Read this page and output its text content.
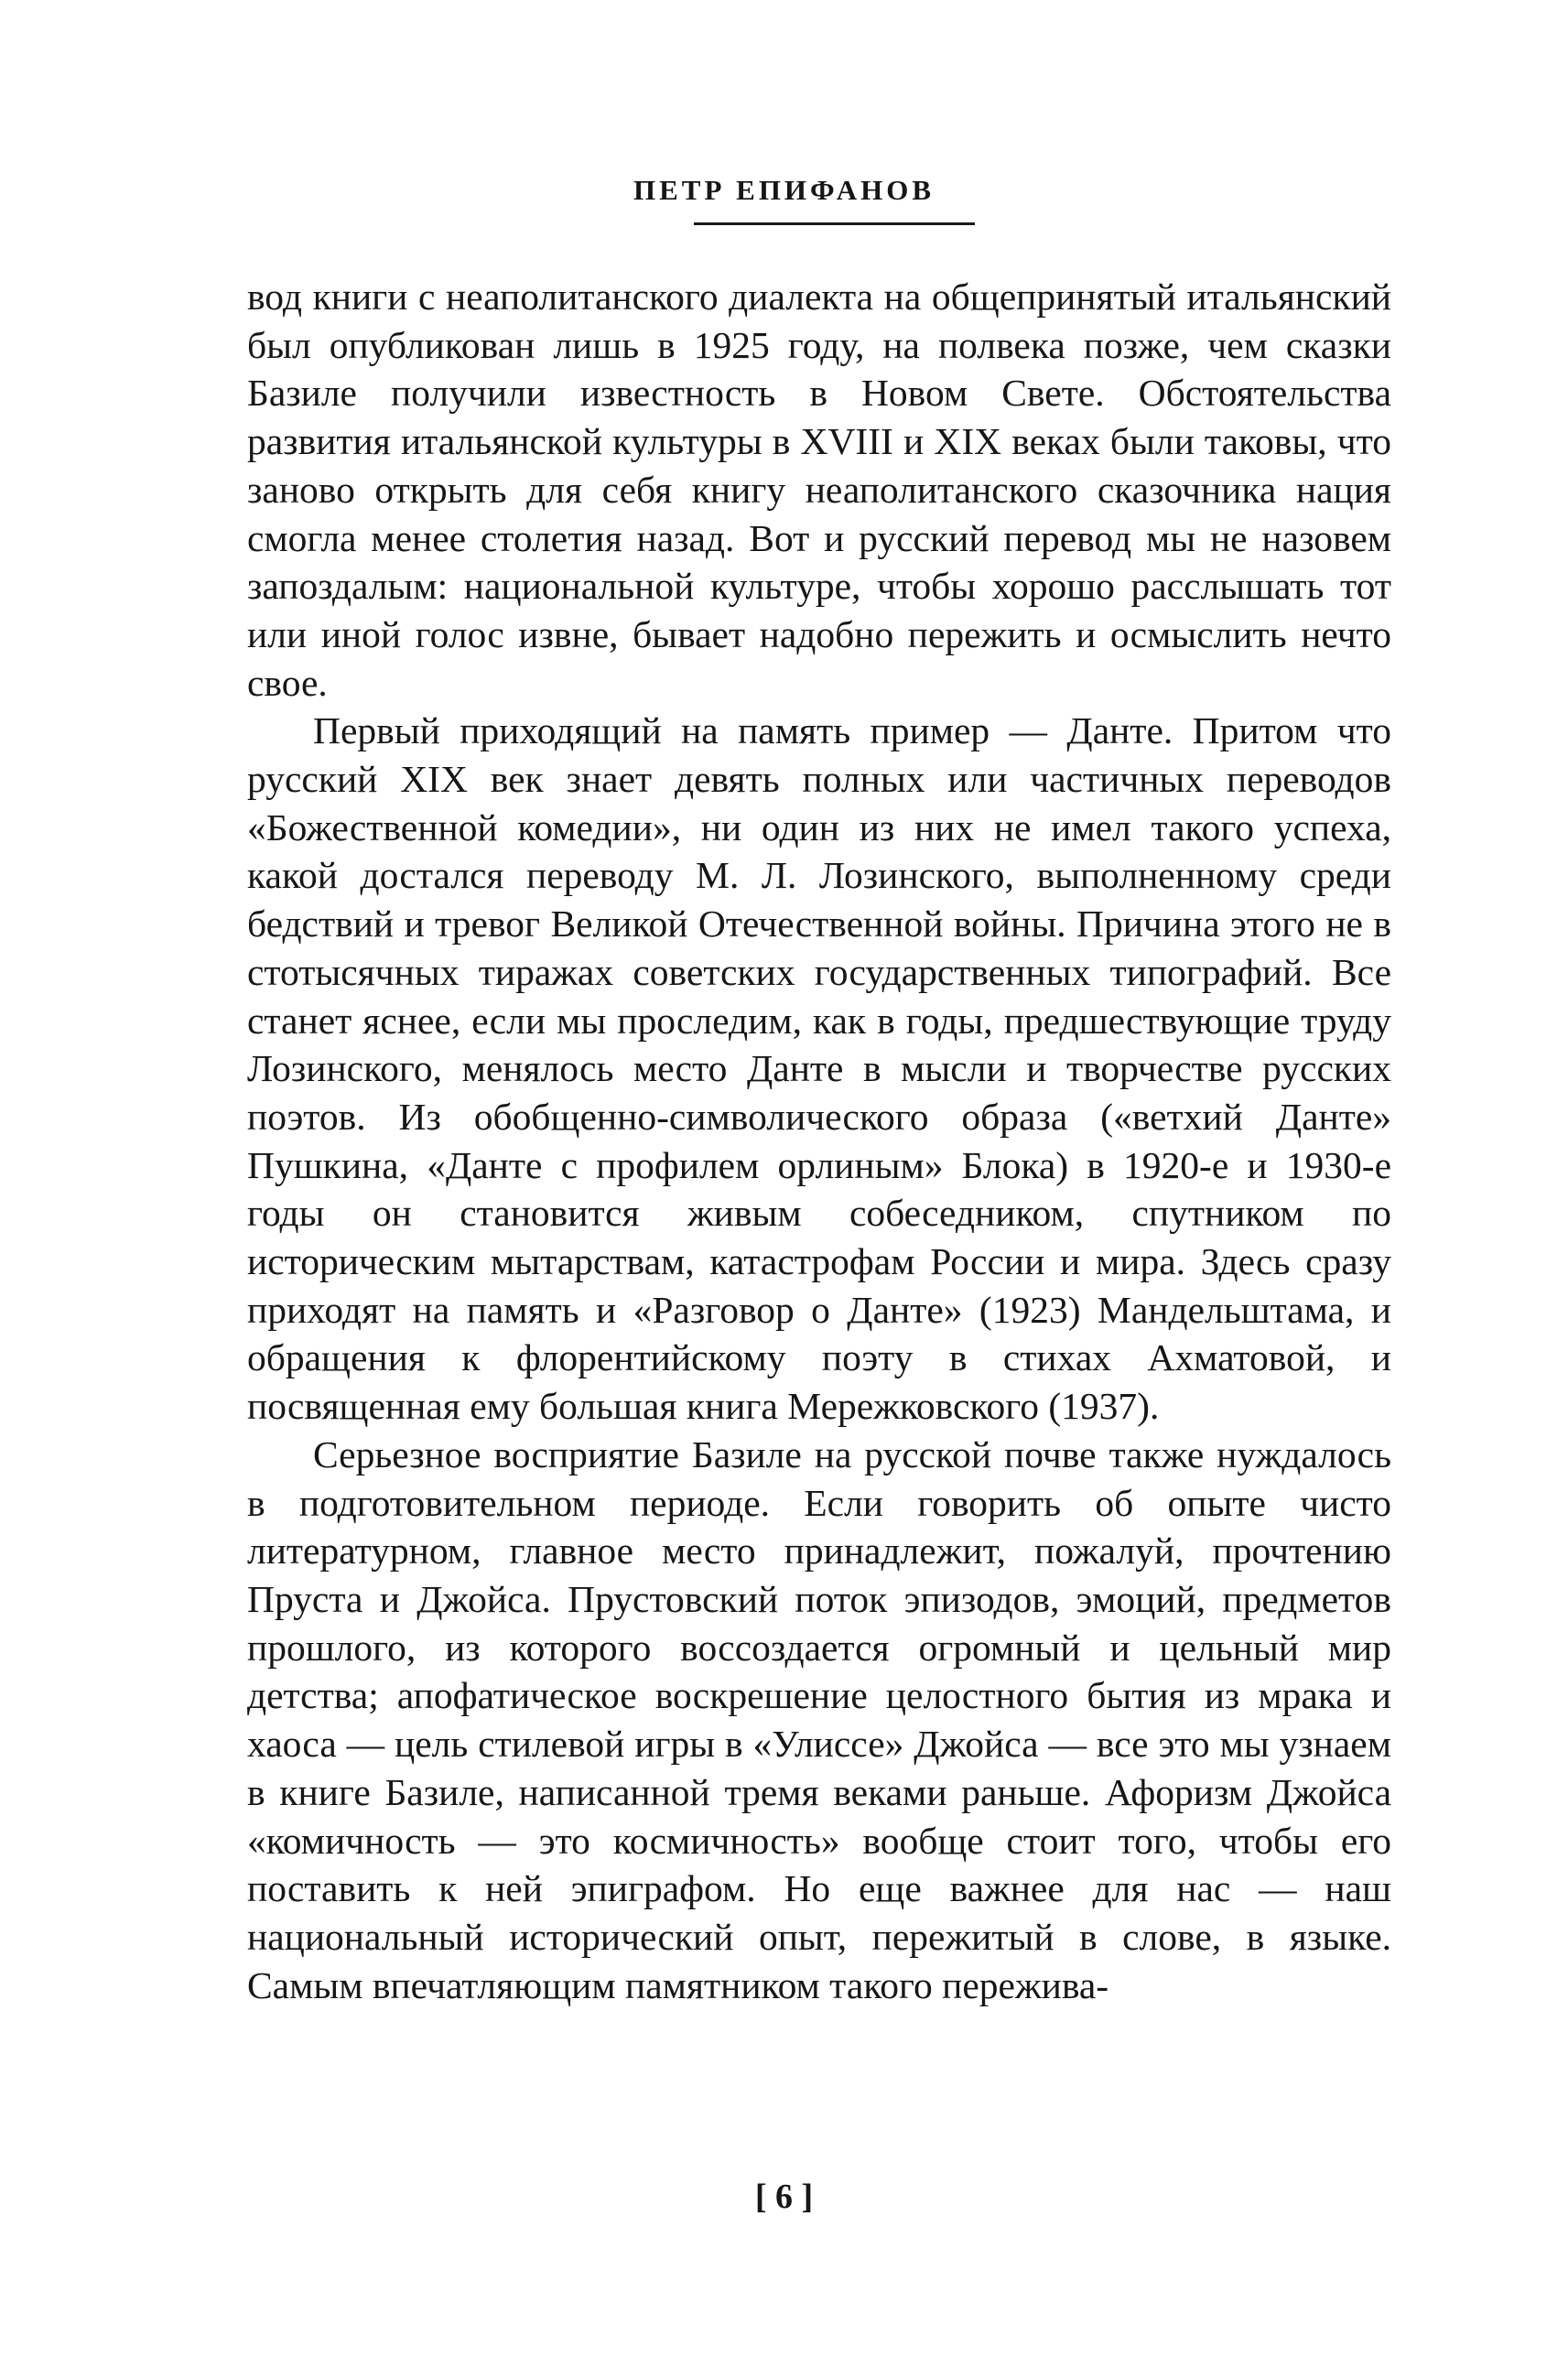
ПЕТР ЕПИФАНОВ

вод книги с неаполитанского диалекта на общепринятый итальянский был опубликован лишь в 1925 году, на полвека позже, чем сказки Базиле получили известность в Новом Свете. Обстоятельства развития итальянской культуры в XVIII и XIX веках были таковы, что заново открыть для себя книгу неаполитанского сказочника нация смогла менее столетия назад. Вот и русский перевод мы не назовем запоздалым: национальной культуре, чтобы хорошо расслышать тот или иной голос извне, бывает надобно пережить и осмыслить нечто свое.

Первый приходящий на память пример — Данте. Притом что русский XIX век знает девять полных или частичных переводов «Божественной комедии», ни один из них не имел такого успеха, какой достался переводу М. Л. Лозинского, выполненному среди бедствий и тревог Великой Отечественной войны. Причина этого не в стотысячных тиражах советских государственных типографий. Все станет яснее, если мы проследим, как в годы, предшествующие труду Лозинского, менялось место Данте в мысли и творчестве русских поэтов. Из обобщенно-символического образа («ветхий Данте» Пушкина, «Данте с профилем орлиным» Блока) в 1920-е и 1930-е годы он становится живым собеседником, спутником по историческим мытарствам, катастрофам России и мира. Здесь сразу приходят на память и «Разговор о Данте» (1923) Мандельштама, и обращения к флорентийскому поэту в стихах Ахматовой, и посвященная ему большая книга Мережковского (1937).

Серьезное восприятие Базиле на русской почве также нуждалось в подготовительном периоде. Если говорить об опыте чисто литературном, главное место принадлежит, пожалуй, прочтению Пруста и Джойса. Прустовский поток эпизодов, эмоций, предметов прошлого, из которого воссоздается огромный и цельный мир детства; апофатическое воскрешение целостного бытия из мрака и хаоса — цель стилевой игры в «Улиссе» Джойса — все это мы узнаем в книге Базиле, написанной тремя веками раньше. Афоризм Джойса «комичность — это космичность» вообще стоит того, чтобы его поставить к ней эпиграфом. Но еще важнее для нас — наш национальный исторический опыт, пережитый в слове, в языке. Самым впечатляющим памятником такого пережива-

[ 6 ]
